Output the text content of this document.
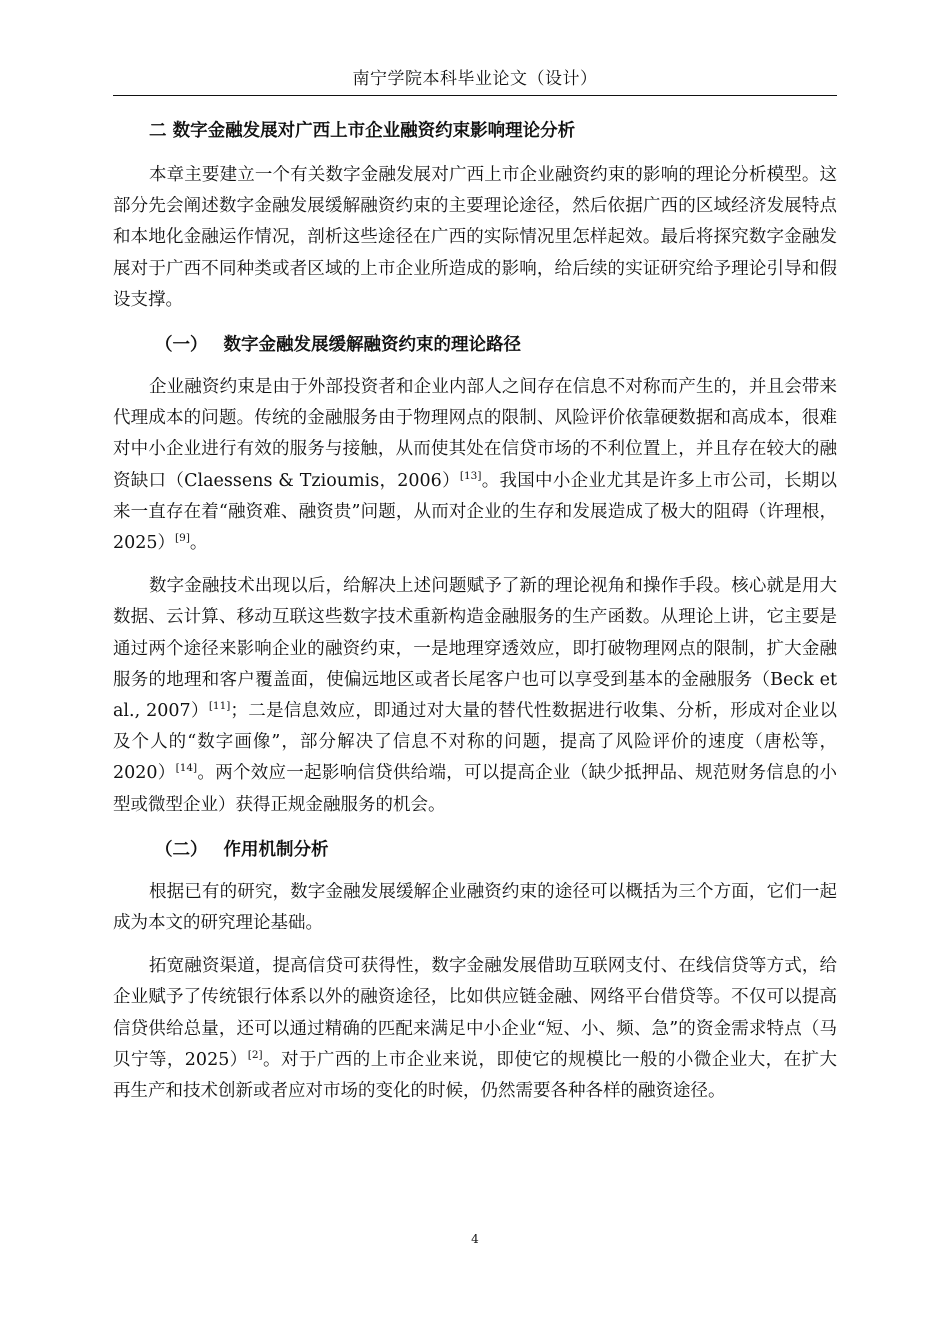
南宁学院本科毕业论文（设计）
二 数字金融发展对广西上市企业融资约束影响理论分析

本章主要建立一个有关数字金融发展对广西上市企业融资约束的影响的理论分析模型。这部分先会阐述数字金融发展缓解融资约束的主要理论途径，然后依据广西的区域经济发展特点和本地化金融运作情况，剖析这些途径在广西的实际情况里怎样起效。最后将探究数字金融发展对于广西不同种类或者区域的上市企业所造成的影响，给后续的实证研究给予理论引导和假设支撑。

（一） 数字金融发展缓解融资约束的理论路径

企业融资约束是由于外部投资者和企业内部人之间存在信息不对称而产生的，并且会带来代理成本的问题。传统的金融服务由于物理网点的限制、风险评价依靠硬数据和高成本，很难对中小企业进行有效的服务与接触，从而使其处在信贷市场的不利位置上，并且存在较大的融资缺口（Claessens & Tzioumis，2006）[13]。我国中小企业尤其是许多上市公司，长期以来一直存在着“融资难、融资贵”问题，从而对企业的生存和发展造成了极大的阻碍（许理根，2025）[9]。

数字金融技术出现以后，给解决上述问题赋予了新的理论视角和操作手段。核心就是用大数据、云计算、移动互联这些数字技术重新构造金融服务的生产函数。从理论上讲，它主要是通过两个途径来影响企业的融资约束，一是地理穿透效应，即打破物理网点的限制，扩大金融服务的地理和客户覆盖面，使偏远地区或者长尾客户也可以享受到基本的金融服务（Beck et al., 2007）[11]；二是信息效应，即通过对大量的替代性数据进行收集、分析，形成对企业以及个人的“数字画像”，部分解决了信息不对称的问题，提高了风险评价的速度（唐松等，2020）[14]。两个效应一起影响信贷供给端，可以提高企业（缺少抵押品、规范财务信息的小型或微型企业）获得正规金融服务的机会。

（二） 作用机制分析

根据已有的研究，数字金融发展缓解企业融资约束的途径可以概括为三个方面，它们一起成为本文的研究理论基础。

拓宽融资渠道，提高信贷可获得性，数字金融发展借助互联网支付、在线信贷等方式，给企业赋予了传统银行体系以外的融资途径，比如供应链金融、网络平台借贷等。不仅可以提高信贷供给总量，还可以通过精确的匹配来满足中小企业“短、小、频、急”的资金需求特点（马贝宁等，2025）[2]。对于广西的上市企业来说，即使它的规模比一般的小微企业大，在扩大再生产和技术创新或者应对市场的变化的时候，仍然需要各种各样的融资途径。

4
